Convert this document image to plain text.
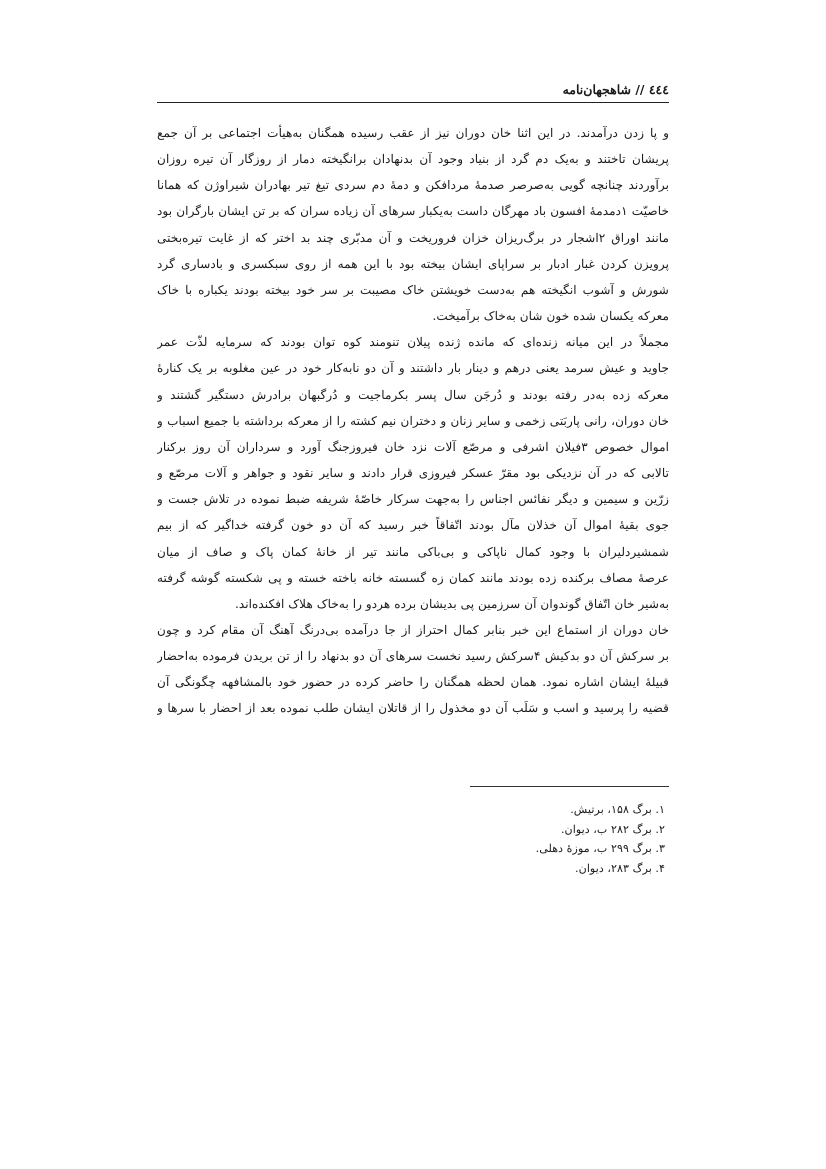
٤٤٤ // شاهجهان‌نامه

و پا زدن درآمدند. در این اثنا خان دوران نیز از عقب رسیده همگنان به‌هیأت اجتماعی بر آن جمع
پریشان تاختند و به‌یک دم گرد از بنیاد وجود آن بدنهادان برانگیخته دمار از روزگار آن تیره روزان
برآوردند چنانچه گویی به‌صرصر صدمهٔ مردافکن و دمهٔ دم سردی تیغ تیر بهادران شیراوژن که همانا
خاصیّت ۱دمدمهٔ افسون باد مهرگان داست به‌یکبار سرهای آن زیاده سران که بر تن ایشان بارگران بود
مانند اوراق ۲اشجار در برگ‌ریزان خزان فروریخت و آن مدبّری چند بد اختر که از غایت تیره‌بختی
پرویزن کردن غبار ادبار بر سراپای ایشان بیخته بود با این همه از روی سبکسری و بادساری گرد
شورش و آشوب انگیخته هم به‌دست خویشتن خاک مصیبت بر سر خود بیخته بودند یکباره با خاک
معرکه یکسان شده خون شان به‌خاک برآمیخت.

مجملاً در این میانه زنده‌ای که مانده ژنده پیلان تنومند کوه توان بودند که سرمایه لذّت عمر
جاوید و عیش سرمد یعنی درهم و دینار بار داشتند و آن دو نابه‌کار خود در عین مغلوبه بر یک کنارهٔ
معرکه زده به‌در رفته بودند و دُرجَن سال پسر بکرماجیت و دُرگبهان برادرش دستگیر گشتند و
خان دوران، رانی پاربَتی زخمی و سایر زنان و دختران نیم کشته را از معرکه برداشته با جمیع اسباب و
اموال خصوص ۳فیلان اشرفی و مرصّع آلات نزد خان فیروزجنگ آورد و سرداران آن روز برکنار
تالابی که در آن نزدیکی بود مقرّ عسکر فیروزی قرار دادند و سایر نقود و جواهر و آلات مرصّع و
زرّین و سیمین و دیگر نفائس اجناس را به‌جهت سرکار خاصّهٔ شریفه ضبط نموده در تلاش جست و
جوی بقیهٔ اموال آن خذلان مآل بودند اتّفاقاً خبر رسید که آن دو خون گرفته خداگیر که از بیم
شمشیردلیران با وجود کمال ناپاکی و بی‌باکی مانند تیر از خانهٔ کمان پاک و صاف از میان
عرصهٔ مصاف برکنده زده بودند مانند کمان زه گسسته خانه باخته خسته و پی شکسته گوشه گرفته
به‌شیر خان اتّفاق گوندوان آن سرزمین پی بدیشان برده هردو را به‌خاک هلاک افکنده‌اند.

خان دوران از استماع این خبر بنابر کمال احتراز از جا درآمده بی‌درنگ آهنگ آن مقام کرد و چون
بر سرکش آن دو بدکیش ۴سرکش رسید نخست سرهای آن دو بدنهاد را از تن بریدن فرموده به‌احضار
قبیلهٔ ایشان اشاره نمود. همان لحظه همگنان را حاضر کرده در حضور خود بالمشافهه چگونگی آن
قضیه را پرسید و اسب و سَلَب آن دو مخذول را از قاتلان ایشان طلب نموده بعد از احضار با سرها و

۱. برگ ۱۵۸، برتیش.
۲. برگ ۲۸۲ ب، دیوان.
۳. برگ ۲۹۹ ب، موزهٔ دهلی.
۴. برگ ۲۸۳، دیوان.
